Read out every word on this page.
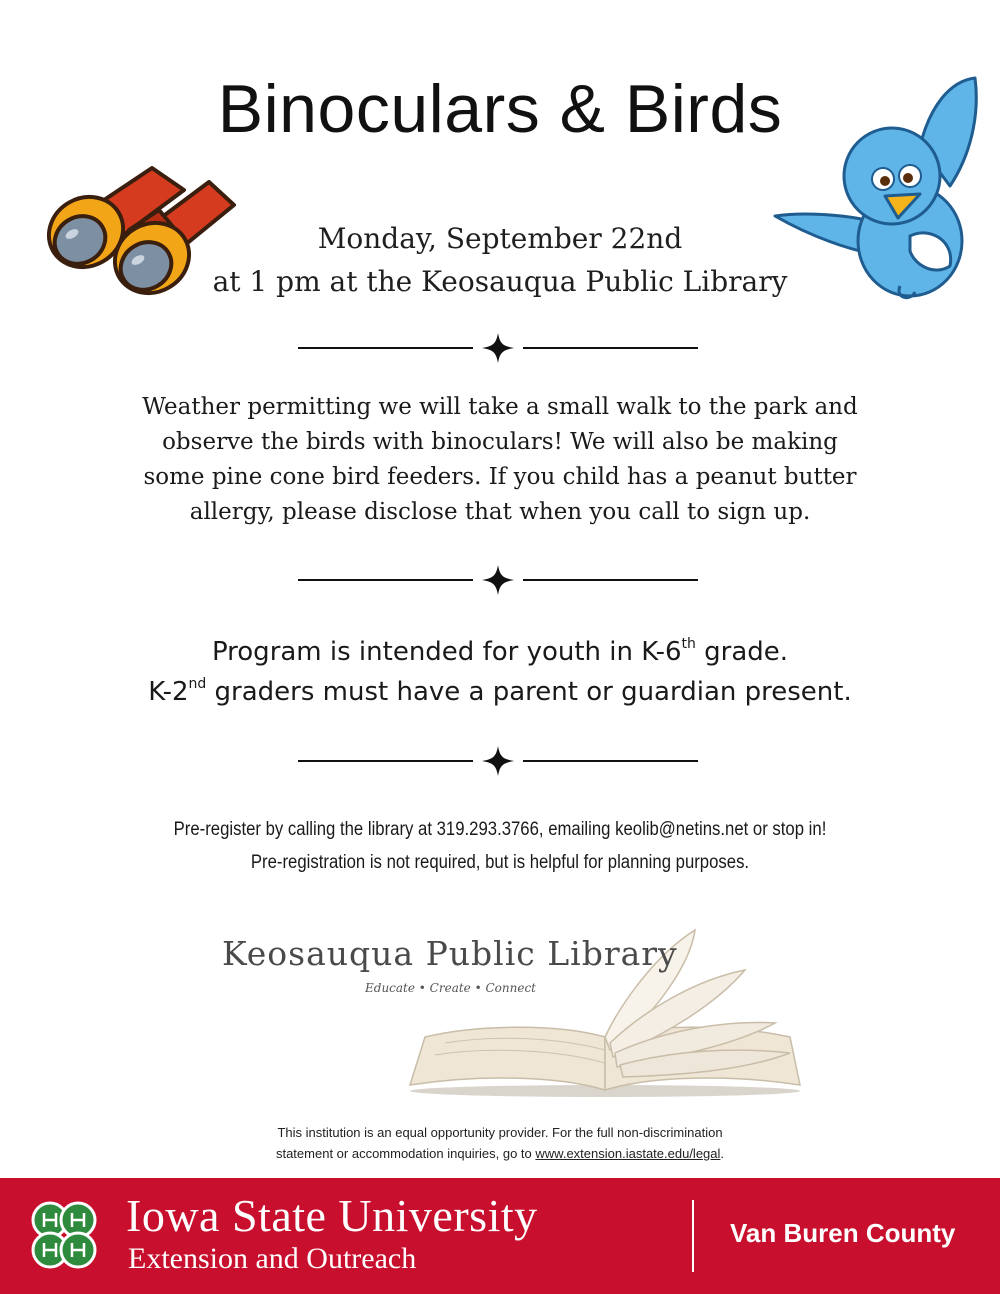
Binoculars & Birds
Monday, September 22nd
at 1 pm at the Keosauqua Public Library
Weather permitting we will take a small walk to the park and
observe the birds with binoculars! We will also be making
some pine cone bird feeders. If you child has a peanut butter
allergy, please disclose that when you call to sign up.
Program is intended for youth in K-6th grade.
K-2nd graders must have a parent or guardian present.
Pre-register by calling the library at 319.293.3766, emailing keolib@netins.net or stop in!
Pre-registration is not required, but is helpful for planning purposes.
Keosauqua Public Library
Educate • Create • Connect
This institution is an equal opportunity provider. For the full non-discrimination
statement or accommodation inquiries, go to www.extension.iastate.edu/legal.
Iowa State University
Extension and Outreach
Van Buren County
